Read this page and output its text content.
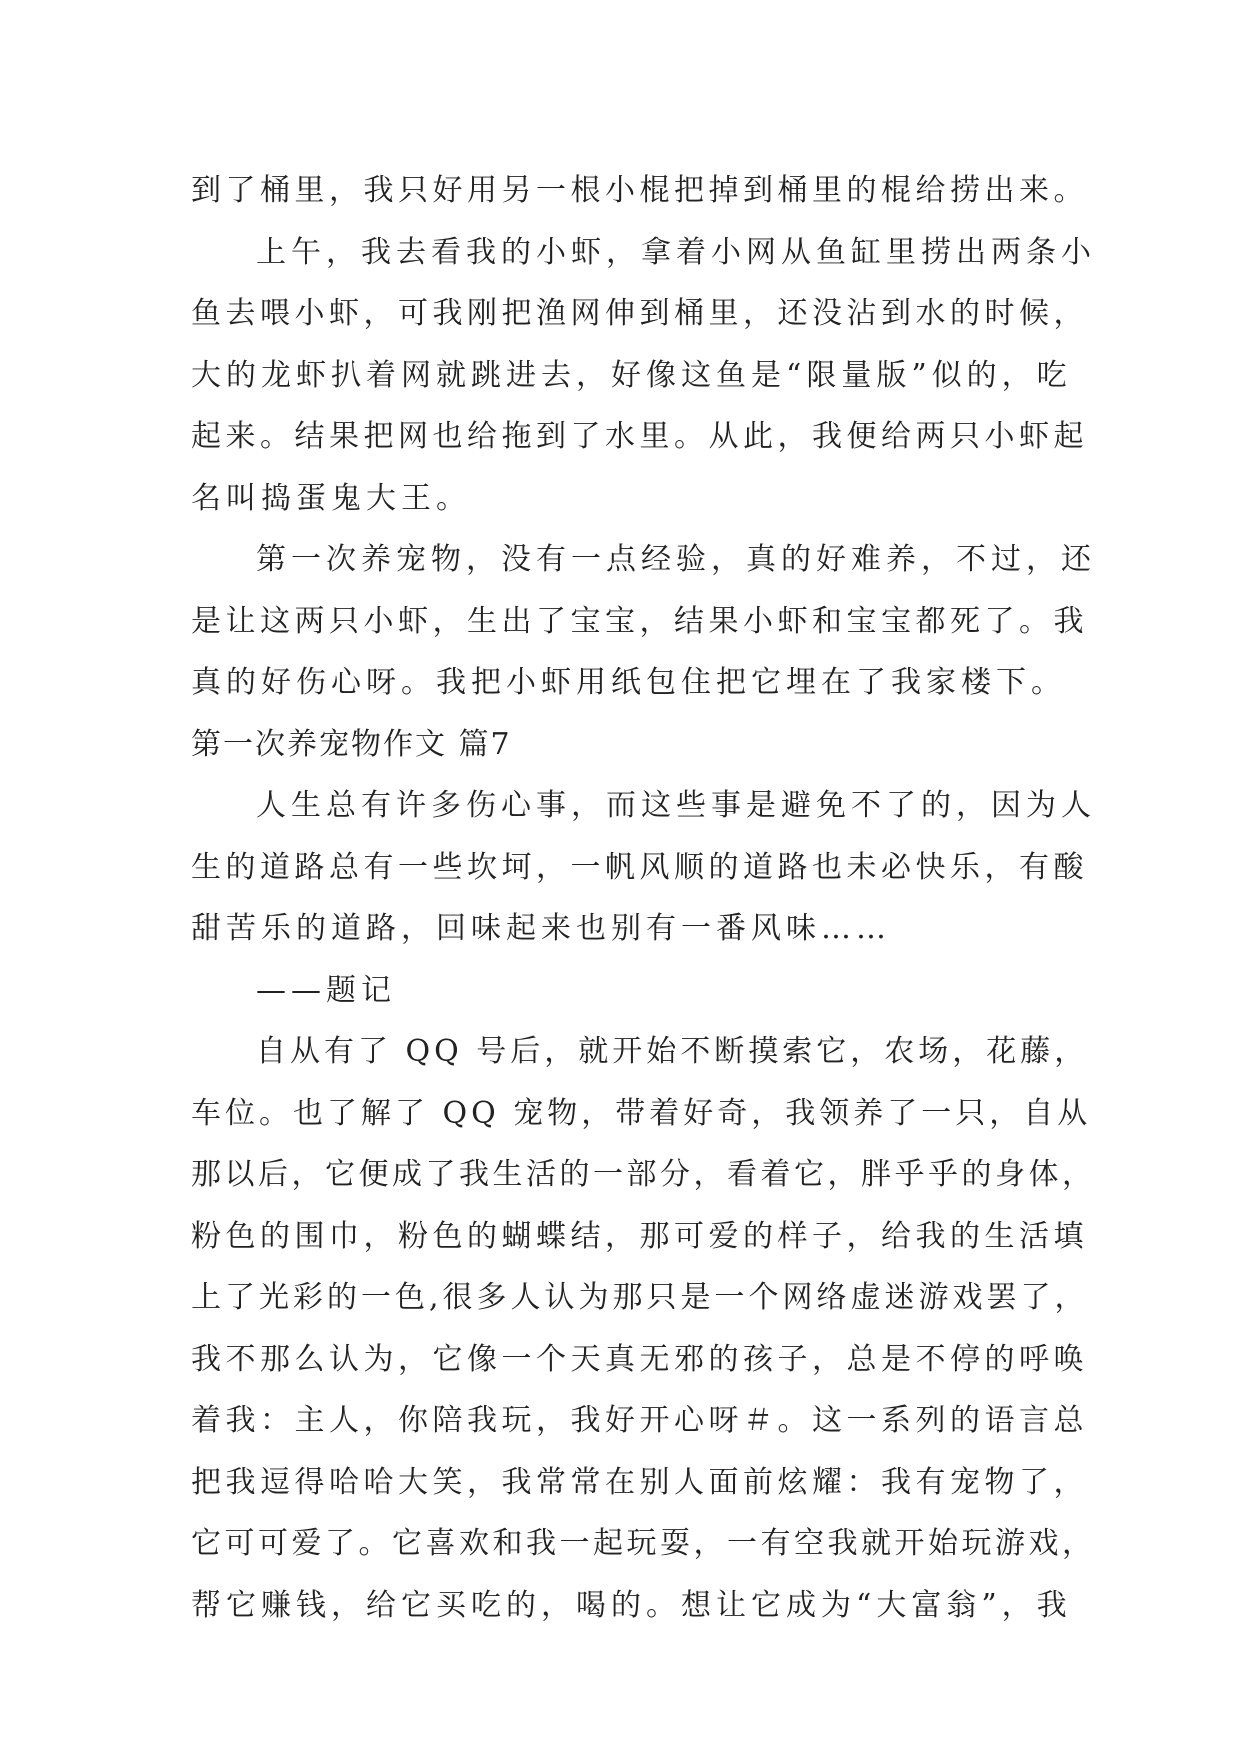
到了桶里，我只好用另一根小棍把掉到桶里的棍给捞出来。
上午，我去看我的小虾，拿着小网从鱼缸里捞出两条小
鱼去喂小虾，可我刚把渔网伸到桶里，还没沾到水的时候，
大的龙虾扒着网就跳进去，好像这鱼是“限量版”似的，吃
起来。结果把网也给拖到了水里。从此，我便给两只小虾起
名叫捣蛋鬼大王。
第一次养宠物，没有一点经验，真的好难养，不过，还
是让这两只小虾，生出了宝宝，结果小虾和宝宝都死了。我
真的好伤心呀。我把小虾用纸包住把它埋在了我家楼下。
第一次养宠物作文 篇7
人生总有许多伤心事，而这些事是避免不了的，因为人
生的道路总有一些坎坷，一帆风顺的道路也未必快乐，有酸
甜苦乐的道路，回味起来也别有一番风味……
——题记
自从有了 QQ 号后，就开始不断摸索它，农场，花藤，
车位。也了解了 QQ 宠物，带着好奇，我领养了一只，自从
那以后，它便成了我生活的一部分，看着它，胖乎乎的身体，
粉色的围巾，粉色的蝴蝶结，那可爱的样子，给我的生活填
上了光彩的一色,很多人认为那只是一个网络虚迷游戏罢了，
我不那么认为，它像一个天真无邪的孩子，总是不停的呼唤
着我：主人，你陪我玩，我好开心呀＃。这一系列的语言总
把我逗得哈哈大笑，我常常在别人面前炫耀：我有宠物了，
它可可爱了。它喜欢和我一起玩耍，一有空我就开始玩游戏，
帮它赚钱，给它买吃的，喝的。想让它成为“大富翁”，我
